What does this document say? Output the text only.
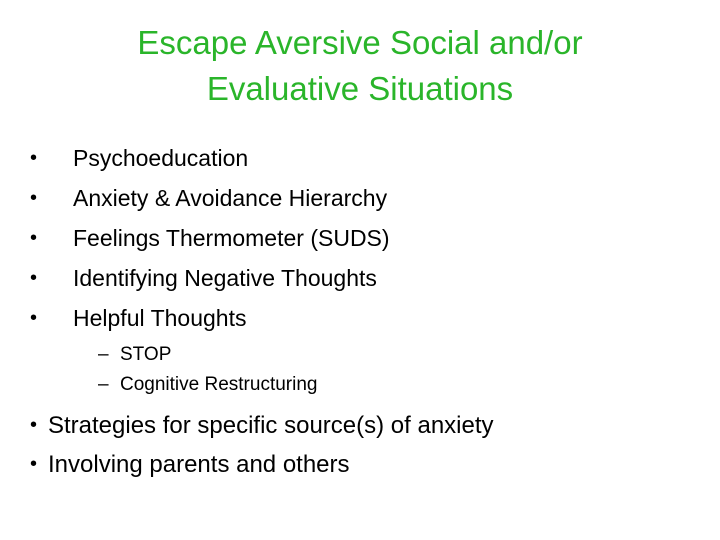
Escape Aversive Social and/or
Evaluative Situations
•	Psychoeducation
•	Anxiety & Avoidance Hierarchy
•	Feelings Thermometer (SUDS)
•	Identifying Negative Thoughts
•	Helpful Thoughts
– STOP
– Cognitive Restructuring
• Strategies for specific source(s) of anxiety
• Involving parents and others
